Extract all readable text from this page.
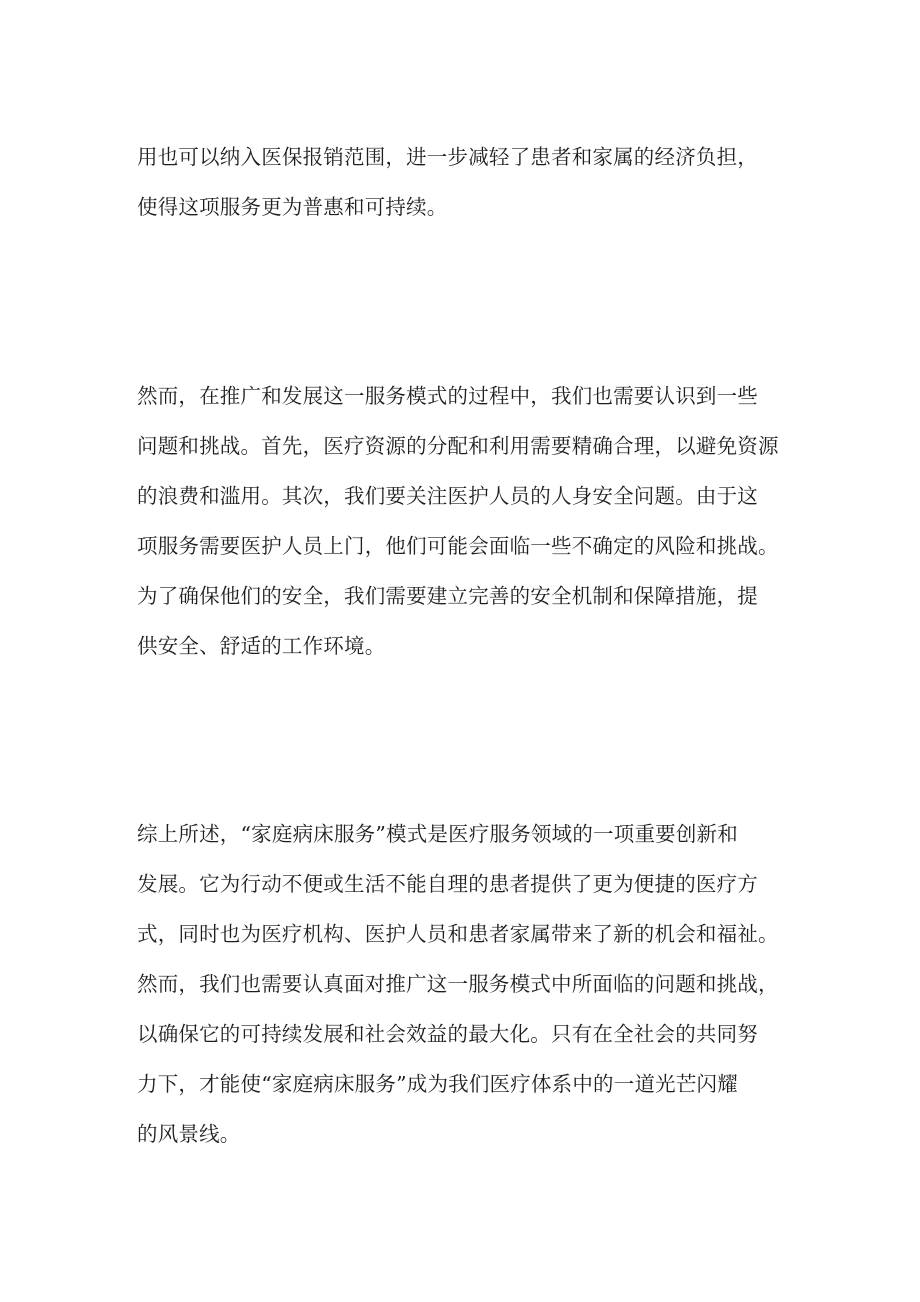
用也可以纳入医保报销范围，进一步减轻了患者和家属的经济负担，
使得这项服务更为普惠和可持续。
然而，在推广和发展这一服务模式的过程中，我们也需要认识到一些
问题和挑战。首先，医疗资源的分配和利用需要精确合理，以避免资源
的浪费和滥用。其次，我们要关注医护人员的人身安全问题。由于这
项服务需要医护人员上门，他们可能会面临一些不确定的风险和挑战。
为了确保他们的安全，我们需要建立完善的安全机制和保障措施，提
供安全、舒适的工作环境。
综上所述，“家庭病床服务”模式是医疗服务领域的一项重要创新和
发展。它为行动不便或生活不能自理的患者提供了更为便捷的医疗方
式，同时也为医疗机构、医护人员和患者家属带来了新的机会和福祉。
然而，我们也需要认真面对推广这一服务模式中所面临的问题和挑战，
以确保它的可持续发展和社会效益的最大化。只有在全社会的共同努
力下，才能使“家庭病床服务”成为我们医疗体系中的一道光芒闪耀
的风景线。
